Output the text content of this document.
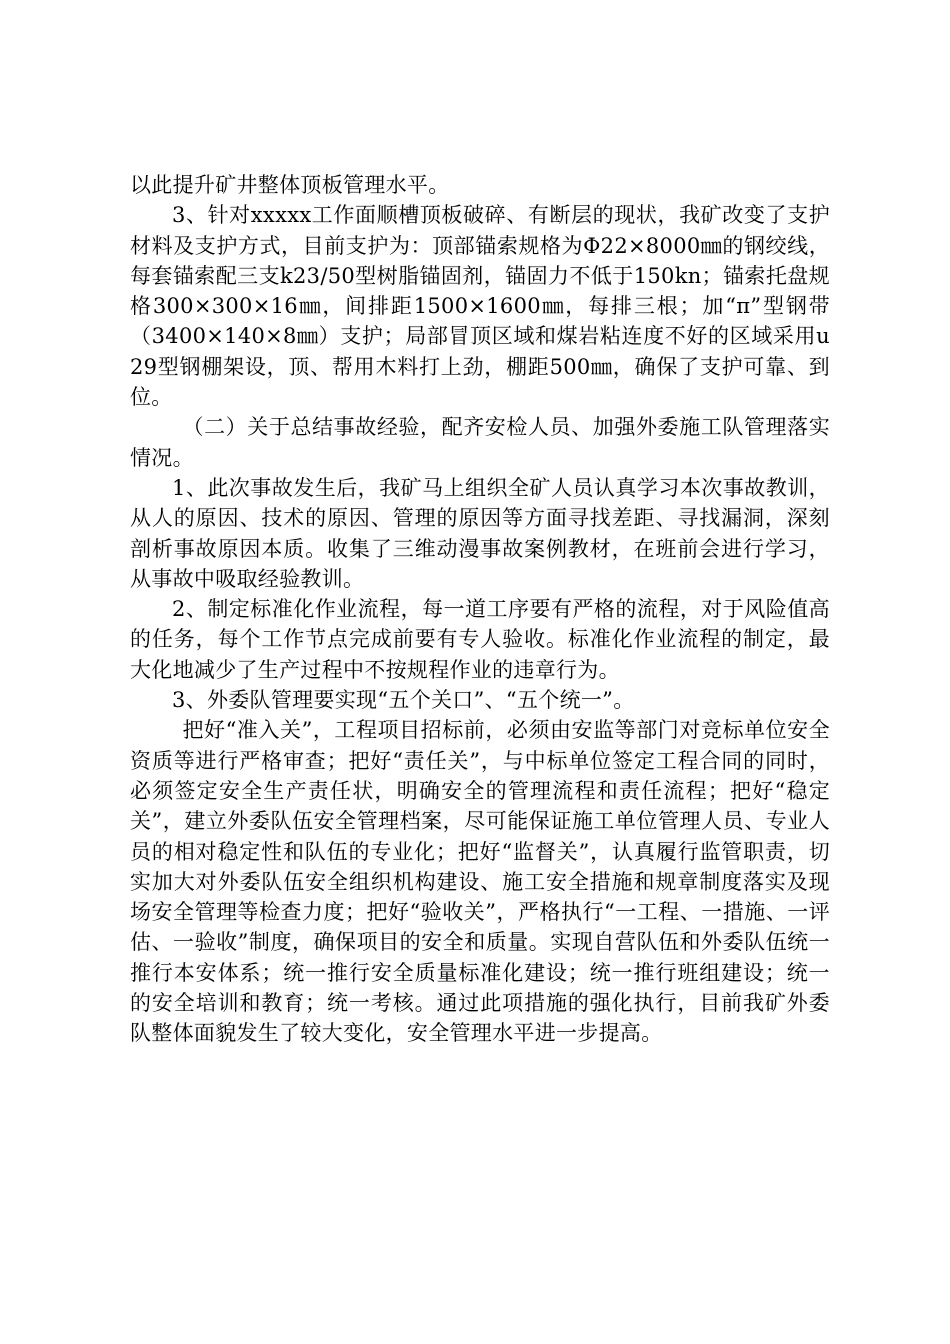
以此提升矿井整体顶板管理水平。

3、针对xxxxx工作面顺槽顶板破碎、有断层的现状，我矿改变了支护材料及支护方式，目前支护为：顶部锚索规格为Φ22×8000㎜的钢绞线，每套锚索配三支k23/50型树脂锚固剂，锚固力不低于150kn；锚索托盘规格300×300×16㎜，间排距1500×1600㎜，每排三根；加“π”型钢带（3400×140×8㎜）支护；局部冒顶区域和煤岩粘连度不好的区域采用u29型钢棚架设，顶、帮用木料打上劲，棚距500㎜，确保了支护可靠、到位。

（二）关于总结事故经验，配齐安检人员、加强外委施工队管理落实情况。

1、此次事故发生后，我矿马上组织全矿人员认真学习本次事故教训，从人的原因、技术的原因、管理的原因等方面寻找差距、寻找漏洞，深刻剖析事故原因本质。收集了三维动漫事故案例教材，在班前会进行学习，从事故中吸取经验教训。

2、制定标准化作业流程，每一道工序要有严格的流程，对于风险值高的任务，每个工作节点完成前要有专人验收。标准化作业流程的制定，最大化地减少了生产过程中不按规程作业的违章行为。

3、外委队管理要实现“五个关口”、“五个统一”。

把好“准入关”，工程项目招标前，必须由安监等部门对竞标单位安全资质等进行严格审查；把好“责任关”，与中标单位签定工程合同的同时，必须签定安全生产责任状，明确安全的管理流程和责任流程；把好“稳定关”，建立外委队伍安全管理档案，尽可能保证施工单位管理人员、专业人员的相对稳定性和队伍的专业化；把好“监督关”，认真履行监管职责，切实加大对外委队伍安全组织机构建设、施工安全措施和规章制度落实及现场安全管理等检查力度；把好“验收关”，严格执行“一工程、一措施、一评估、一验收”制度，确保项目的安全和质量。实现自营队伍和外委队伍统一推行本安体系；统一推行安全质量标准化建设；统一推行班组建设；统一的安全培训和教育；统一考核。通过此项措施的强化执行，目前我矿外委队整体面貌发生了较大变化，安全管理水平进一步提高。
